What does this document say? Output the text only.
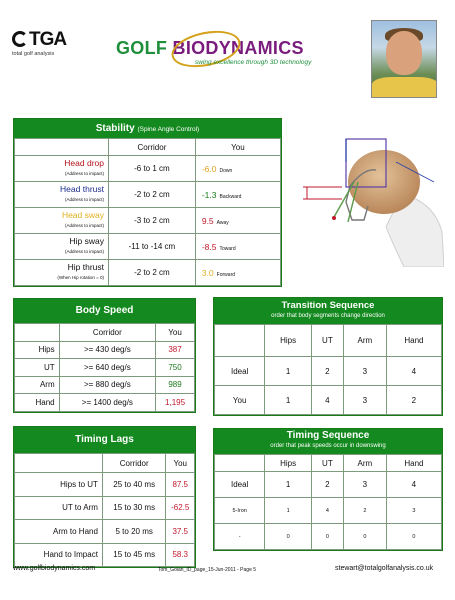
TGA
total golf analysis	GOLF BIODYNAMICS
swing excellence through 3D technology
Stability (Spine Angle Control)
	Corridor	You
Head drop
(Address to impact)	-6 to 1 cm	-6.0 Down
Head thrust
(Address to impact)	-2 to 2 cm	-1.3 Backward
Head sway
(Address to impact)	-3 to 2 cm	9.5 Away
Hip sway
(Address to impact)	-11 to -14 cm	-8.5 Toward
Hip thrust
(When Hip rotation = 0)	-2 to 2 cm	3.0 Forward
Body Speed
	Corridor	You
Hips	>= 430 deg/s	387
UT	>= 640 deg/s	750
Arm	>= 880 deg/s	989
Hand	>= 1400 deg/s	1,195
Transition Sequence
order that body segments change direction
	Hips	UT	Arm	Hand
Ideal	1	2	3	4
You	1	4	3	2
Timing Lags
	Corridor	You
Hips to UT	25 to 40 ms	87.5
UT to Arm	15 to 30 ms	-62.5
Arm to Hand	5 to 20 ms	37.5
Hand to Impact	15 to 45 ms	58.3
Timing Sequence
order that peak speeds occur in downswing
	Hips	UT	Arm	Hand
Ideal	1	2	3	4
5-Iron	1	4	2	3
-	0	0	0	0
www.golfbiodynamics.com	Tom_Golan_ID_page_15-Jun-2011 - Page 5	stewart@totalgolfanalysis.co.uk
